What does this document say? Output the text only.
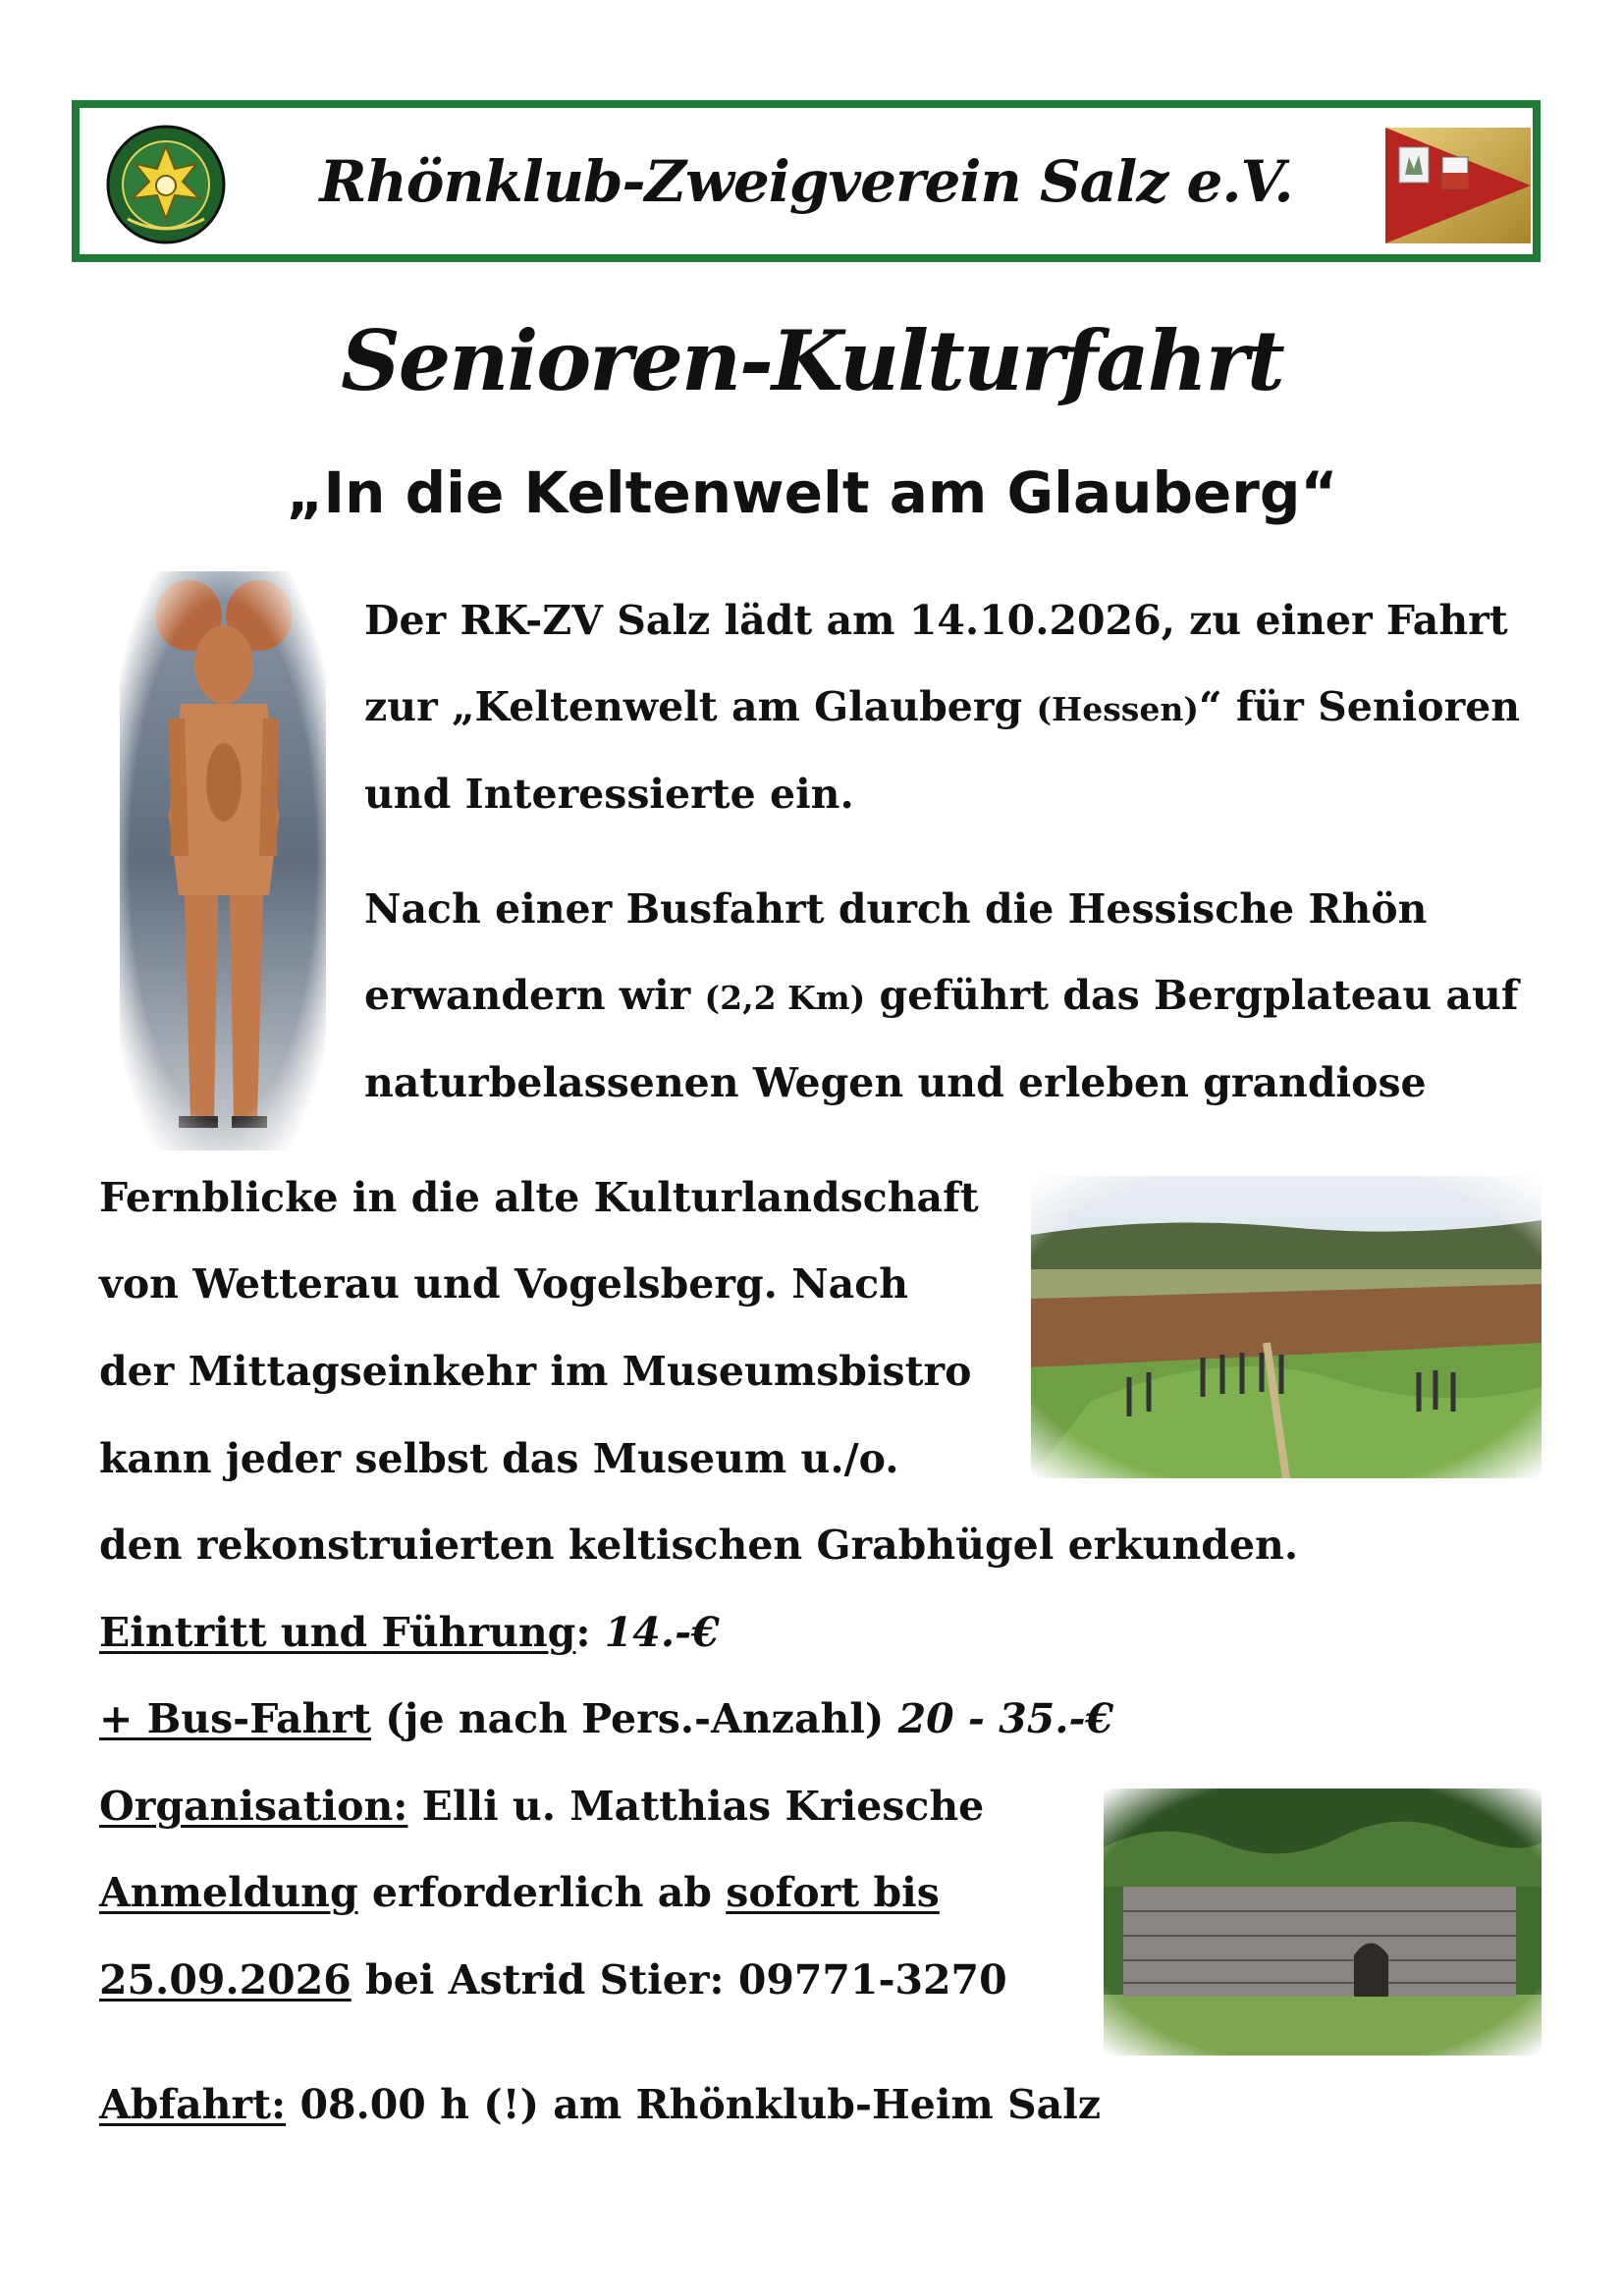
Rhönklub-Zweigverein Salz e.V.
Senioren-Kulturfahrt
„In die Keltenwelt am Glauberg“
Der RK-ZV Salz lädt am 14.10.2026, zu einer Fahrt
zur „Keltenwelt am Glauberg (Hessen)“ für Senioren
und Interessierte ein.
Nach einer Busfahrt durch die Hessische Rhön
erwandern wir (2,2 Km) geführt das Bergplateau auf
naturbelassenen Wegen und erleben grandiose
Fernblicke in die alte Kulturlandschaft
von Wetterau und Vogelsberg. Nach
der Mittagseinkehr im Museumsbistro
kann jeder selbst das Museum u./o.
den rekonstruierten keltischen Grabhügel erkunden.
Eintritt und Führung: 14.-€
+ Bus-Fahrt (je nach Pers.-Anzahl) 20 - 35.-€
Organisation: Elli u. Matthias Kriesche
Anmeldung erforderlich ab sofort bis
25.09.2026 bei Astrid Stier: 09771-3270
Abfahrt: 08.00 h (!) am Rhönklub-Heim Salz
